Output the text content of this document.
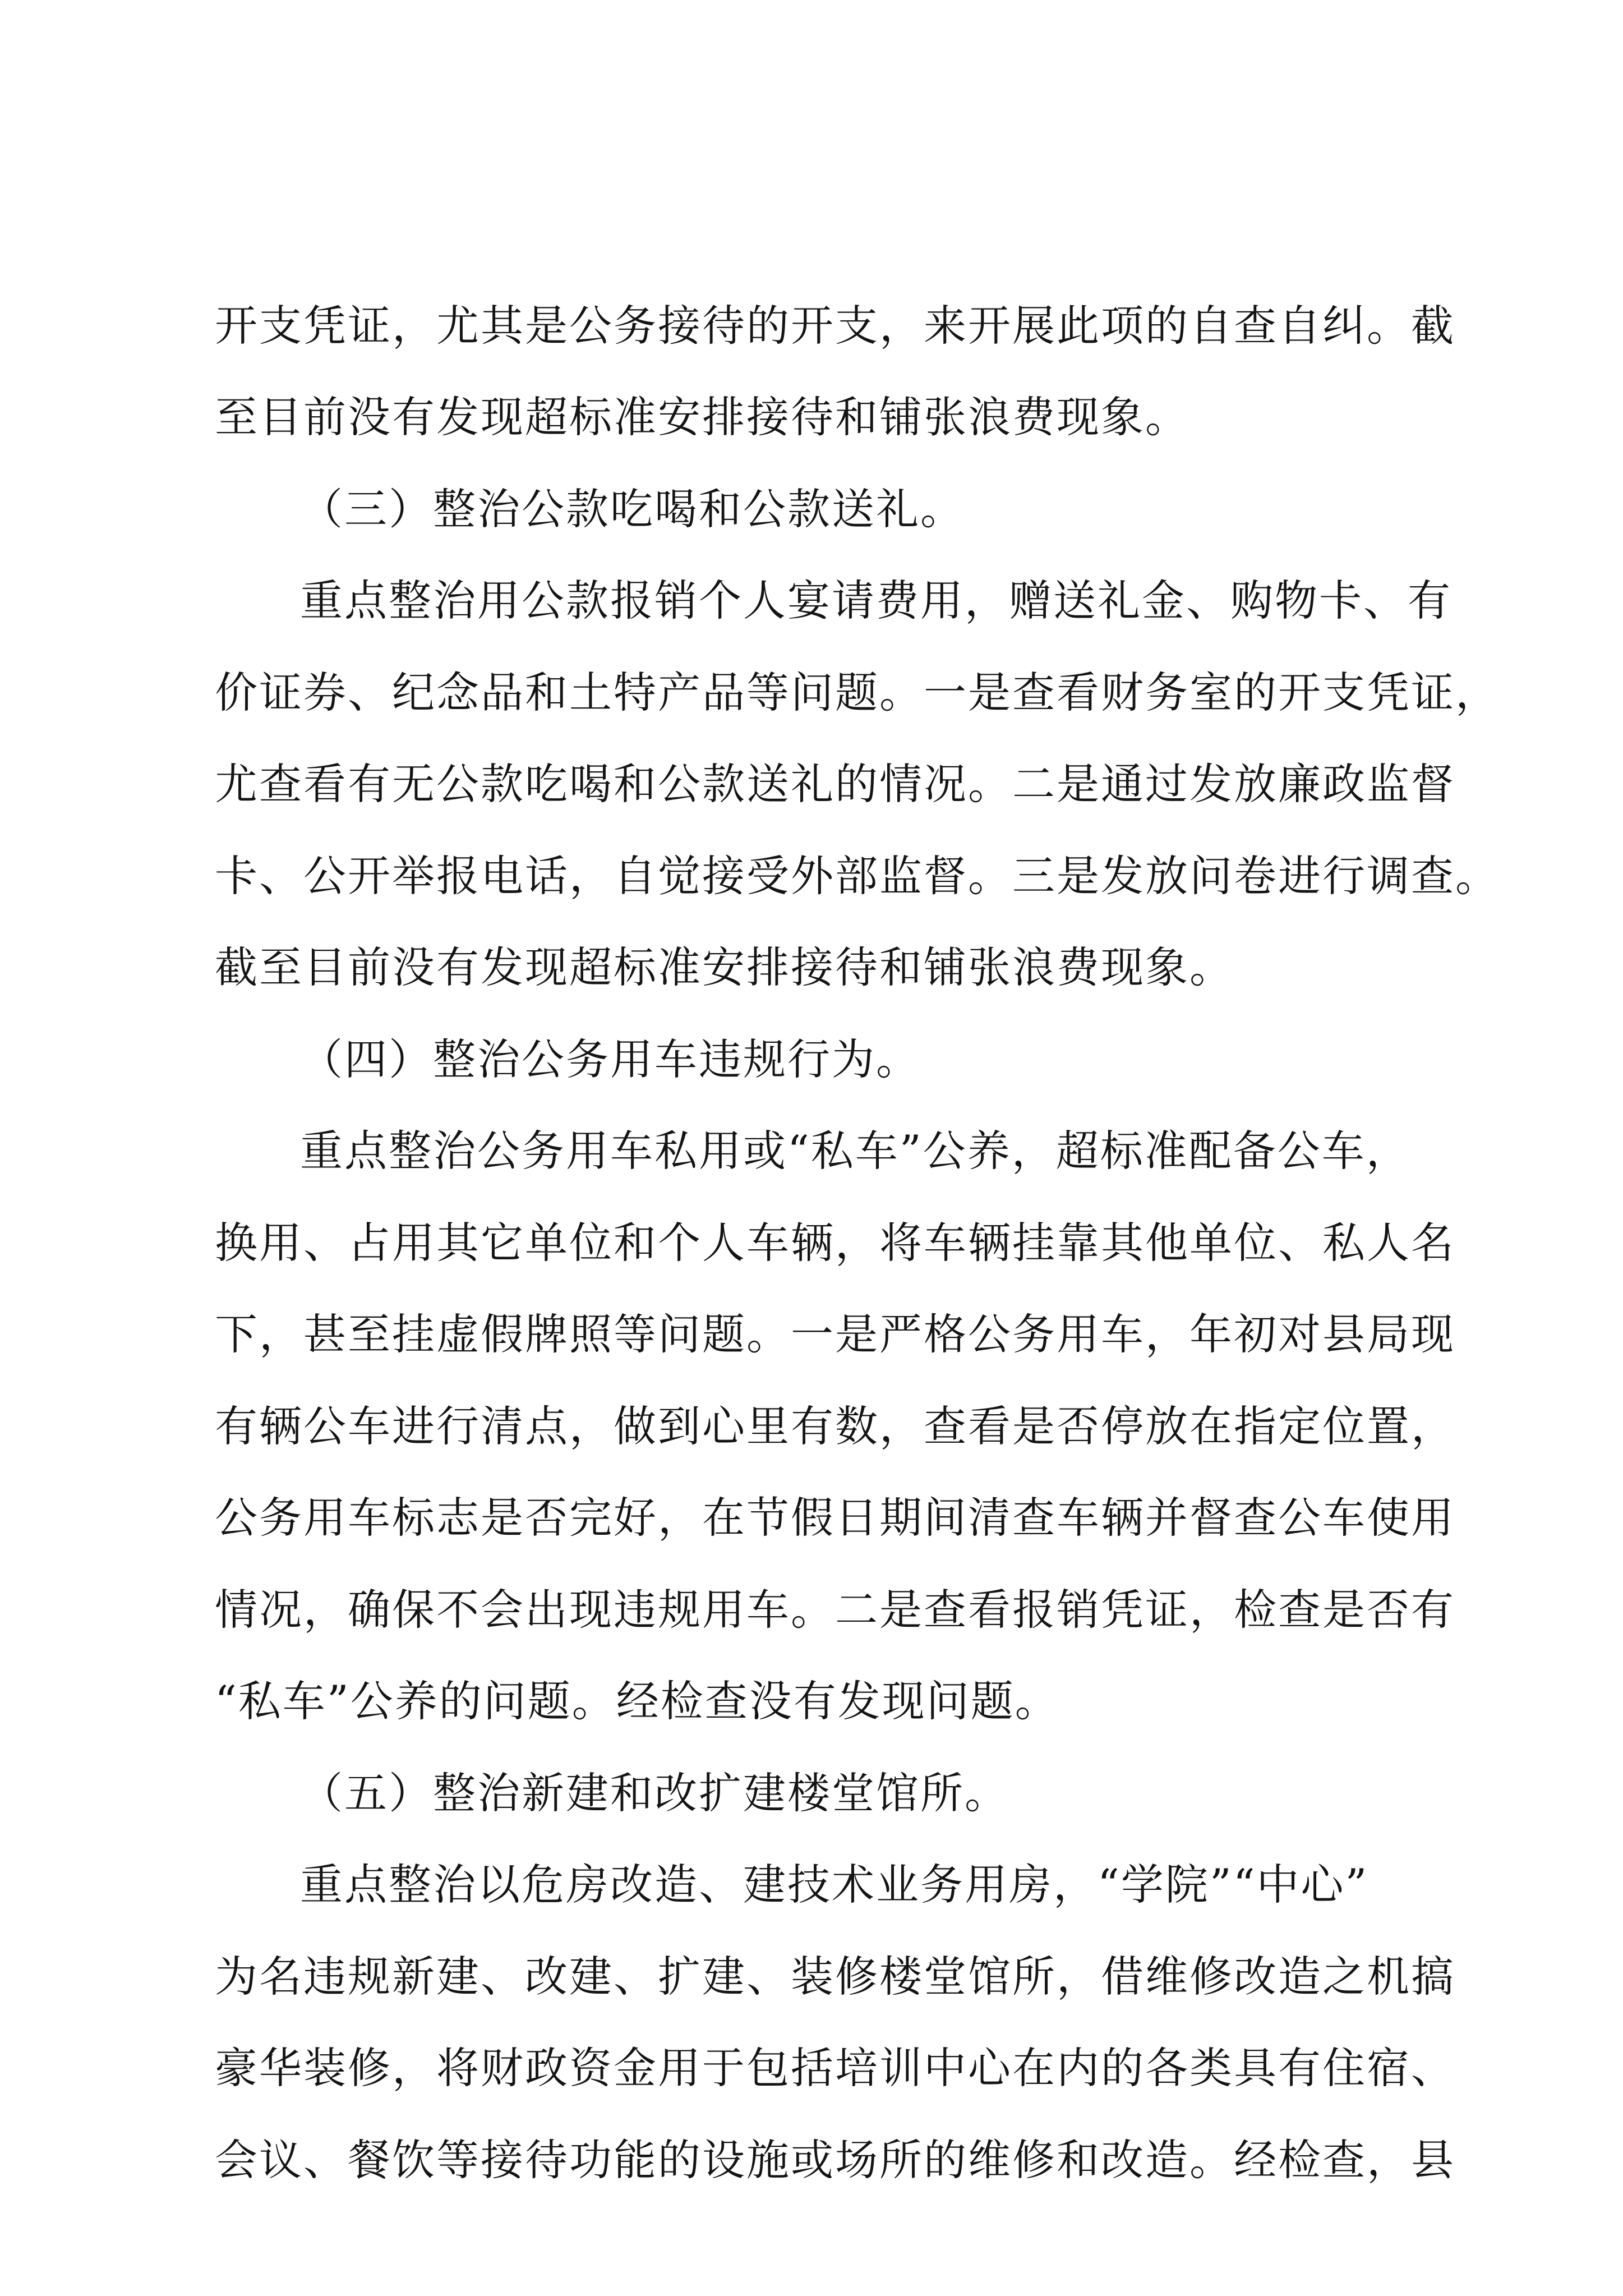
开支凭证，尤其是公务接待的开支，来开展此项的自查自纠。截
至目前没有发现超标准安排接待和铺张浪费现象。
（三）整治公款吃喝和公款送礼。
重点整治用公款报销个人宴请费用，赠送礼金、购物卡、有
价证券、纪念品和土特产品等问题。一是查看财务室的开支凭证，
尤查看有无公款吃喝和公款送礼的情况。二是通过发放廉政监督
卡、公开举报电话，自觉接受外部监督。三是发放问卷进行调查。
截至目前没有发现超标准安排接待和铺张浪费现象。
（四）整治公务用车违规行为。
重点整治公务用车私用或“私车”公养，超标准配备公车，
换用、占用其它单位和个人车辆，将车辆挂靠其他单位、私人名
下，甚至挂虚假牌照等问题。一是严格公务用车，年初对县局现
有辆公车进行清点，做到心里有数，查看是否停放在指定位置，
公务用车标志是否完好，在节假日期间清查车辆并督查公车使用
情况，确保不会出现违规用车。二是查看报销凭证，检查是否有
“私车”公养的问题。经检查没有发现问题。
（五）整治新建和改扩建楼堂馆所。
重点整治以危房改造、建技术业务用房，“学院”“中心”
为名违规新建、改建、扩建、装修楼堂馆所，借维修改造之机搞
豪华装修，将财政资金用于包括培训中心在内的各类具有住宿、
会议、餐饮等接待功能的设施或场所的维修和改造。经检查，县
